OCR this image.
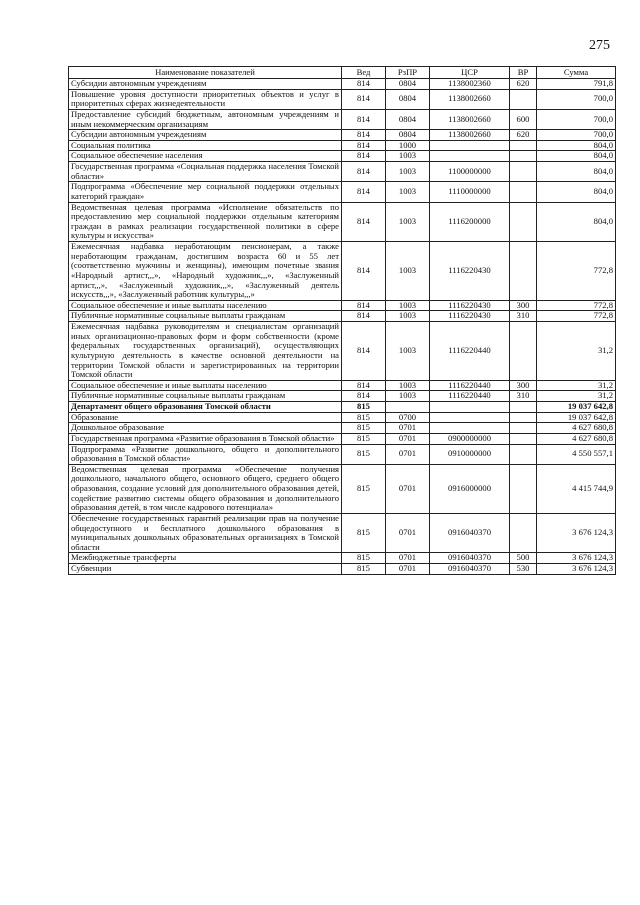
275
Наименование показателей	Вед	РзПР	ЦСР	ВР	Сумма
Субсидии автономным учреждениям	814	0804	1138002360	620	791,8
Повышение уровня доступности приоритетных объектов и услуг в приоритетных сферах жизнедеятельности	814	0804	1138002660		700,0
Предоставление субсидий бюджетным, автономным учреждениям и иным некоммерческим организациям	814	0804	1138002660	600	700,0
Субсидии автономным учреждениям	814	0804	1138002660	620	700,0
Социальная политика	814	1000			804,0
Социальное обеспечение населения	814	1003			804,0
Государственная программа «Социальная поддержка населения Томской области»	814	1003	1100000000		804,0
Подпрограмма «Обеспечение мер социальной поддержки отдельных категорий граждан»	814	1003	1110000000		804,0
Ведомственная целевая программа «Исполнение обязательств по предоставлению мер социальной поддержки отдельным категориям граждан в рамках реализации государственной политики в сфере культуры и искусства»	814	1003	1116200000		804,0
Ежемесячная надбавка неработающим пенсионерам, а также неработающим гражданам, достигшим возраста 60 и 55 лет (соответственно мужчины и женщины), имеющим почетные звания «Народный артист,,,», «Народный художник,,,», «Заслуженный артист,,,», «Заслуженный художник,,,», «Заслуженный деятель искусств,,,», «Заслуженный работник культуры,,,»	814	1003	1116220430		772,8
Социальное обеспечение и иные выплаты населению	814	1003	1116220430	300	772,8
Публичные нормативные социальные выплаты гражданам	814	1003	1116220430	310	772,8
Ежемесячная надбавка руководителям и специалистам организаций иных организационно-правовых форм и форм собственности (кроме федеральных государственных организаций), осуществляющих культурную деятельность в качестве основной деятельности на территории Томской области и зарегистрированных на территории Томской области	814	1003	1116220440		31,2
Социальное обеспечение и иные выплаты населению	814	1003	1116220440	300	31,2
Публичные нормативные социальные выплаты гражданам	814	1003	1116220440	310	31,2
Департамент общего образования Томской области	815				19 037 642,8
Образование	815	0700			19 037 642,8
Дошкольное образование	815	0701			4 627 680,8
Государственная программа «Развитие образования в Томской области»	815	0701	0900000000		4 627 680,8
Подпрограмма «Развитие дошкольного, общего и дополнительного образования в Томской области»	815	0701	0910000000		4 550 557,1
Ведомственная целевая программа «Обеспечение получения дошкольного, начального общего, основного общего, среднего общего образования, создание условий для дополнительного образования детей, содействие развитию системы общего образования и дополнительного образования детей, в том числе кадрового потенциала»	815	0701	0916000000		4 415 744,9
Обеспечение государственных гарантий реализации прав на получение общедоступного и бесплатного дошкольного образования в муниципальных дошкольных образовательных организациях в Томской области	815	0701	0916040370		3 676 124,3
Межбюджетные трансферты	815	0701	0916040370	500	3 676 124,3
Субвенции	815	0701	0916040370	530	3 676 124,3
